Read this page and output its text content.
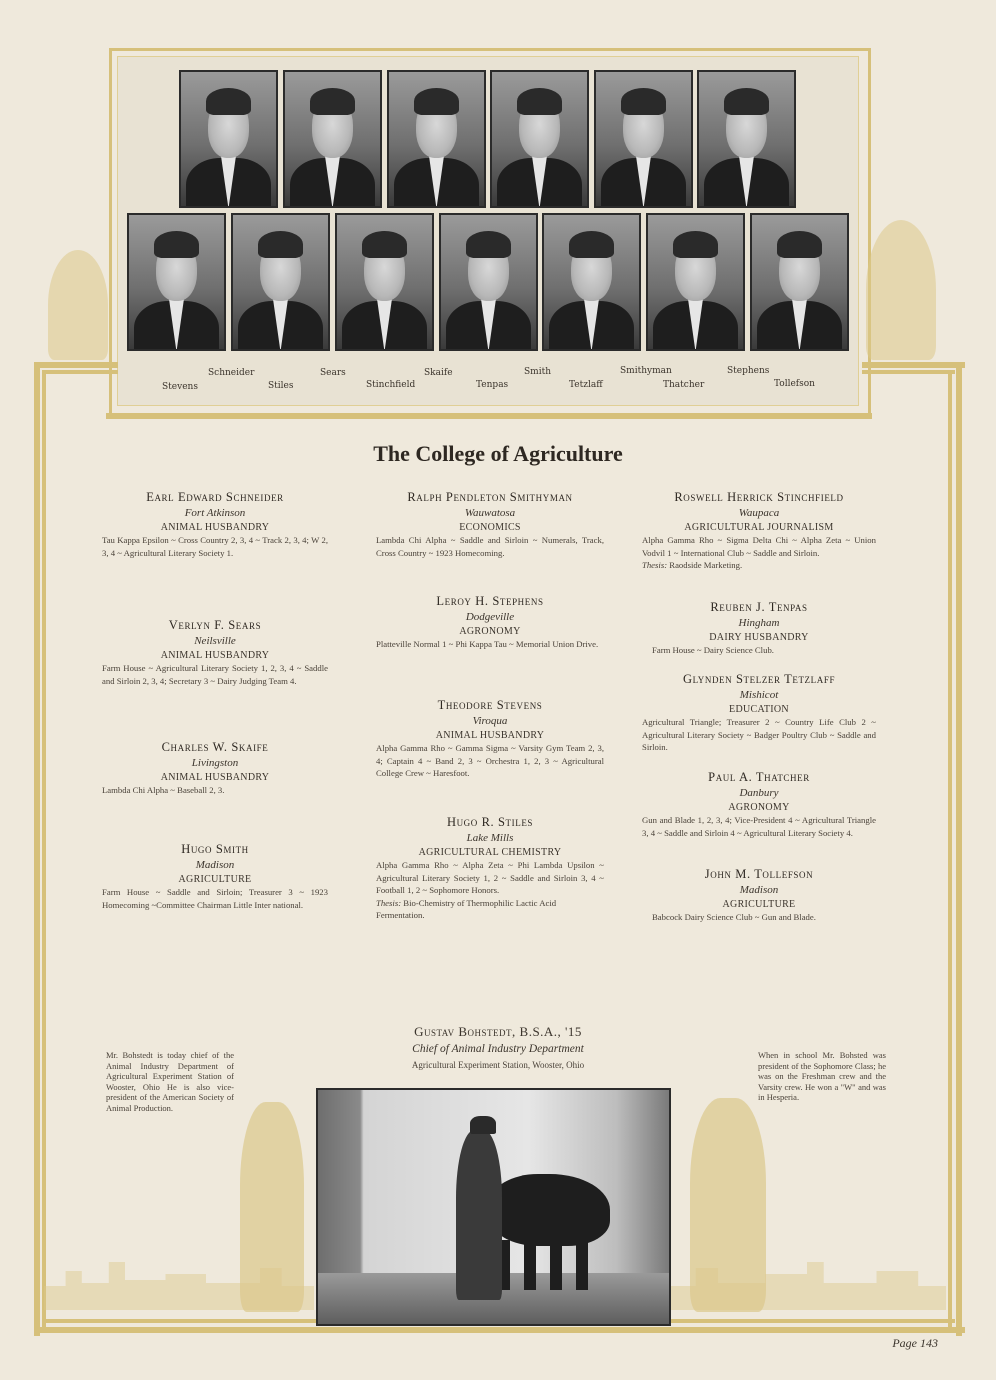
Schneider	Sears	Skaife	Smith	Smithyman	Stephens
Stevens	Stiles	Stinchfield	Tenpas	Tetzlaff	Thatcher	Tollefson
The College of Agriculture
Earl Edward Schneider
Fort Atkinson
ANIMAL HUSBANDRY
Tau Kappa Epsilon ~ Cross Country 2, 3, 4 ~ Track 2, 3, 4; W 2, 3, 4 ~ Agricultural Literary Society 1.
Verlyn F. Sears
Neilsville
ANIMAL HUSBANDRY
Farm House ~ Agricultural Literary Society 1, 2, 3, 4 ~ Saddle and Sirloin 2, 3, 4; Secretary 3 ~ Dairy Judging Team 4.
Charles W. Skaife
Livingston
ANIMAL HUSBANDRY
Lambda Chi Alpha ~ Baseball 2, 3.
Hugo Smith
Madison
AGRICULTURE
Farm House ~ Saddle and Sirloin; Treasurer 3 ~ 1923 Homecoming ~Committee Chairman Little Inter national.
Ralph Pendleton Smithyman
Wauwatosa
ECONOMICS
Lambda Chi Alpha ~ Saddle and Sirloin ~ Numerals, Track, Cross Country ~ 1923 Homecoming.
Leroy H. Stephens
Dodgeville
AGRONOMY
Platteville Normal 1 ~ Phi Kappa Tau ~ Memorial Union Drive.
Theodore Stevens
Viroqua
ANIMAL HUSBANDRY
Alpha Gamma Rho ~ Gamma Sigma ~ Varsity Gym Team 2, 3, 4; Captain 4 ~ Band 2, 3 ~ Orchestra 1, 2, 3 ~ Agricultural College Crew ~ Haresfoot.
Hugo R. Stiles
Lake Mills
AGRICULTURAL CHEMISTRY
Alpha Gamma Rho ~ Alpha Zeta ~ Phi Lambda Upsilon ~ Agricultural Literary Society 1, 2 ~ Saddle and Sirloin 3, 4 ~ Football 1, 2 ~ Sophomore Honors.
Thesis: Bio-Chemistry of Thermophilic Lactic Acid Fermentation.
Roswell Herrick Stinchfield
Waupaca
AGRICULTURAL JOURNALISM
Alpha Gamma Rho ~ Sigma Delta Chi ~ Alpha Zeta ~ Union Vodvil 1 ~ International Club ~ Saddle and Sirloin.
Thesis: Raodside Marketing.
Reuben J. Tenpas
Hingham
DAIRY HUSBANDRY
Farm House ~ Dairy Science Club.
Glynden Stelzer Tetzlaff
Mishicot
EDUCATION
Agricultural Triangle; Treasurer 2 ~ Country Life Club 2 ~ Agricultural Literary Society ~ Badger Poultry Club ~ Saddle and Sirloin.
Paul A. Thatcher
Danbury
AGRONOMY
Gun and Blade 1, 2, 3, 4; Vice-President 4 ~ Agricultural Triangle 3, 4 ~ Saddle and Sirloin 4 ~ Agricultural Literary Society 4.
John M. Tollefson
Madison
AGRICULTURE
Babcock Dairy Science Club ~ Gun and Blade.
Gustav Bohstedt, B.S.A., '15
Chief of Animal Industry Department
Agricultural Experiment Station, Wooster, Ohio
Mr. Bohstedt is today chief of the Animal Industry Department of Agricultural Experiment Station of Wooster, Ohio He is also vice-president of the American Society of Animal Production.
When in school Mr. Bohsted was president of the Sophomore Class; he was on the Freshman crew and the Varsity crew. He won a "W" and was in Hesperia.
Page 143
